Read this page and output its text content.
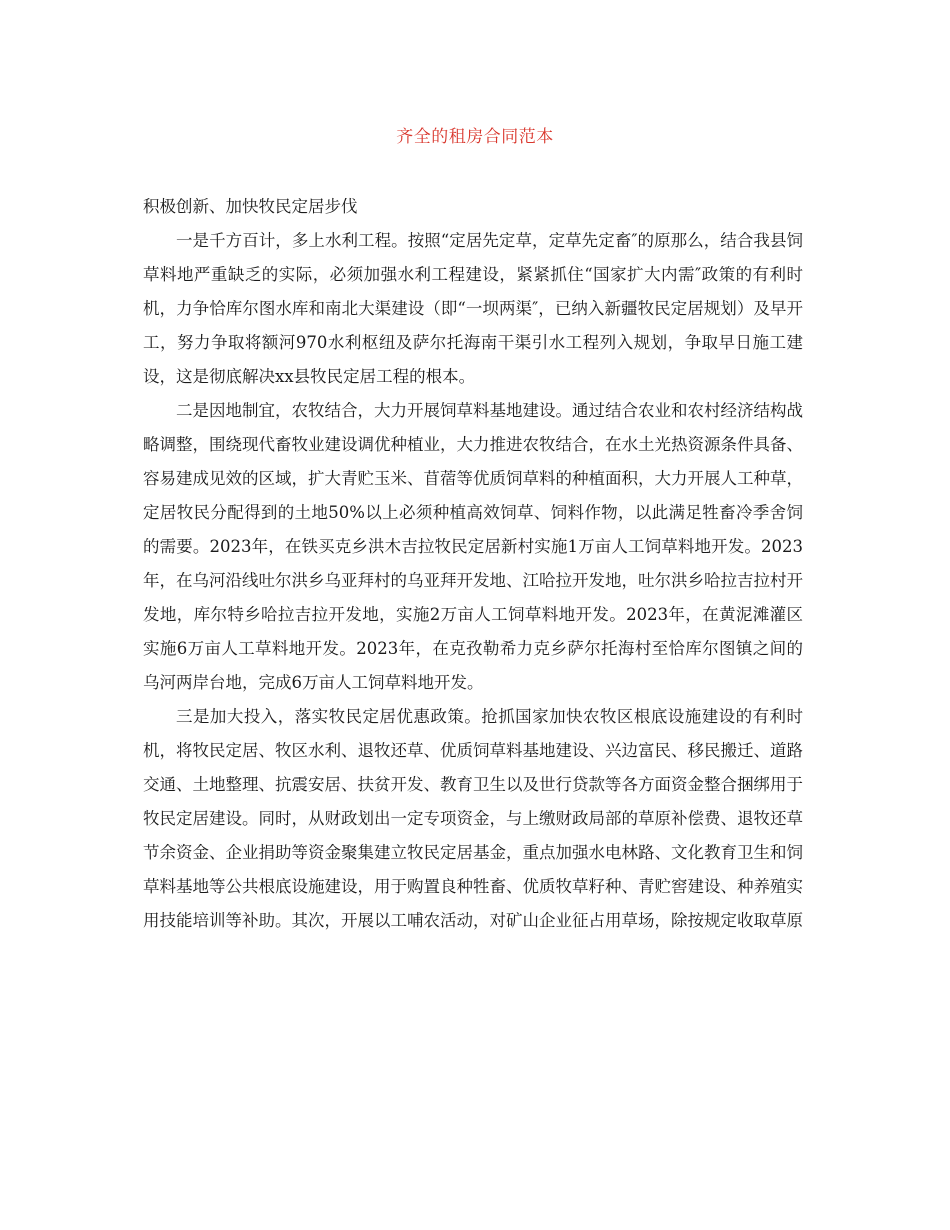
齐全的租房合同范本
积极创新、加快牧民定居步伐

一是千方百计，多上水利工程。按照“定居先定草，定草先定畜″的原那么，结合我县饲草料地严重缺乏的实际，必须加强水利工程建设，紧紧抓住“国家扩大内需″政策的有利时机，力争恰库尔图水库和南北大渠建设（即“一坝两渠″，已纳入新疆牧民定居规划）及早开工，努力争取将额河970水利枢纽及萨尔托海南干渠引水工程列入规划，争取早日施工建设，这是彻底解决xx县牧民定居工程的根本。

二是因地制宜，农牧结合，大力开展饲草料基地建设。通过结合农业和农村经济结构战略调整，围绕现代畜牧业建设调优种植业，大力推进农牧结合，在水土光热资源条件具备、容易建成见效的区域，扩大青贮玉米、苜蓿等优质饲草料的种植面积，大力开展人工种草，定居牧民分配得到的土地50%以上必须种植高效饲草、饲料作物，以此满足牲畜冷季舍饲的需要。2023年，在铁买克乡洪木吉拉牧民定居新村实施1万亩人工饲草料地开发。2023年，在乌河沿线吐尔洪乡乌亚拜村的乌亚拜开发地、江哈拉开发地，吐尔洪乡哈拉吉拉村开发地，库尔特乡哈拉吉拉开发地，实施2万亩人工饲草料地开发。2023年，在黄泥滩灌区实施6万亩人工草料地开发。2023年，在克孜勒希力克乡萨尔托海村至恰库尔图镇之间的乌河两岸台地，完成6万亩人工饲草料地开发。

三是加大投入，落实牧民定居优惠政策。抢抓国家加快农牧区根底设施建设的有利时机，将牧民定居、牧区水利、退牧还草、优质饲草料基地建设、兴边富民、移民搬迁、道路交通、土地整理、抗震安居、扶贫开发、教育卫生以及世行贷款等各方面资金整合捆绑用于牧民定居建设。同时，从财政划出一定专项资金，与上缴财政局部的草原补偿费、退牧还草节余资金、企业捐助等资金聚集建立牧民定居基金，重点加强水电林路、文化教育卫生和饲草料基地等公共根底设施建设，用于购置良种牲畜、优质牧草籽种、青贮窖建设、种养殖实用技能培训等补助。其次，开展以工哺农活动，对矿山企业征占用草场，除按规定收取草原
